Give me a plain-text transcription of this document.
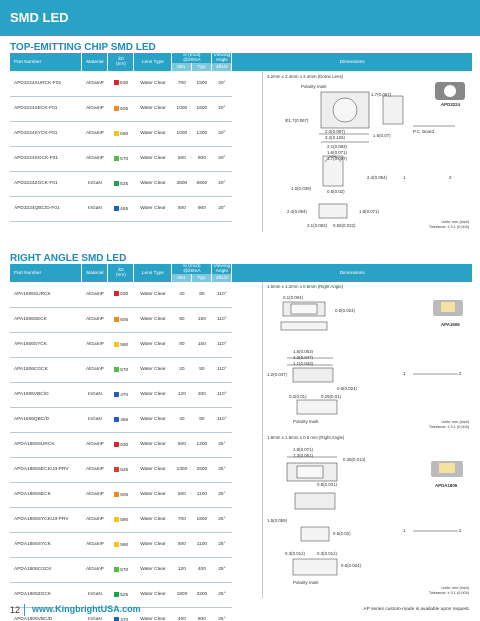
SMD LED
TOP-EMITTING CHIP SMD LED
Part Number	Material	λD
(nm)	Lens Type	Iv (mcd)
@20mA		Viewing
Angle	Dimensions
				Min.	Typ.	2θ1/2	
APD3224SURCK-F01	AlGaInP	630	Water Clear	700	1500	20°	
APD3224SECK-F01	AlGaInP	605	Water Clear	1000	1600	20°	
APD3224SYCK-F01	AlGaInP	590	Water Clear	1000	1300	20°	
APD3224SGCK-F01	AlGaInP	570	Water Clear	500	900	20°	
APD3224ZGCK-F01	InGaN	525	Water Clear	3600	6800	20°	
APD3224QBC/D-F01	InGaN	465	Water Clear	500	900	20°	
3.2mm x 2.4mm x 2.4mm (Dome Lens)
Polarity mark
APD3224
P.C. Board
1.7(0.067)
Φ1.7(0.067)
2.0(0.087)
3.2(0.126)	1.6(0.07)
2.1(0.083)
1.6(0.071)
1.7(0.067)
2.4(0.094)
1.0(0.039)
0.5(0.02)
2.4(0.094)	1.8(0.071)
2.1(0.083) 0.55(0.022)
1	2
Units: mm (inch)
Tolerance: ± 0.1 (0.004)
RIGHT ANGLE SMD LED
Part Number	Material	λD
(nm)	Lens Type	Iv (mcd)
@20mA		Viewing
Angle	Dimensions
				Min.	Typ.	2θ1/2	
APA1606SURCK	AlGaInP	630	Water Clear	40	80	110°	
APA1606SECK	AlGaInP	605	Water Clear	80	160	110°	
APA1606SYCK	AlGaInP	590	Water Clear	80	150	110°	
APA1606CGCK	AlGaInP	570	Water Clear	20	50	110°	
APA1606VBC/D	InGaN	470	Water Clear	120	200	110°	
APA1606QBC/D	InGaN	465	Water Clear	40	80	110°	
APDA1806SURCK	AlGaInP	630	Water Clear	500	1200	25°	
APDA1806SECK/J3-PRV	AlGaInP	625	Water Clear	1300	2600	25°	
APDA1806SECK	AlGaInP	605	Water Clear	500	1100	25°	
APDA1806SYCK/J3-PRV	AlGaInP	590	Water Clear	700	1800	25°	
APDA1806SYCK	AlGaInP	590	Water Clear	500	1100	25°	
APDA1806CGCK	AlGaInP	570	Water Clear	120	400	25°	
APDA1806ZGCK	InGaN	525	Water Clear	1900	3200	25°	
APDA1806VBC/D	InGaN	470	Water Clear	400	800	25°	
1.6mm x 1.2mm x 0.6mm (Right Angle)
APA1606
0.1(0.004)
0.6(0.024)
1.6(0.063)
1.2(0.047)
1.1(0.043)
1.2(0.047)
0.6(0.024)
0.2(0.01)	0.25(0.01)
1	2
Polarity mark	Units: mm (inch)
Tolerance: ± 0.1 (0.004)
1.8mm x 1.5mm x 0.6 mm (Right Angle)
APDA1806
1.8(0.071)
1.3(0.051)
0.36(0.014)
0.8(0.031)
1.5(0.059)
0.5(0.02)
0.3(0.012)	0.3(0.012)
0.6(0.024)
1	2
Polarity mark
Units: mm (inch)
Tolerance: ± 0.1 (0.004)
12 www.KingbrightUSA.com	AP series custom-made is available upon request.
